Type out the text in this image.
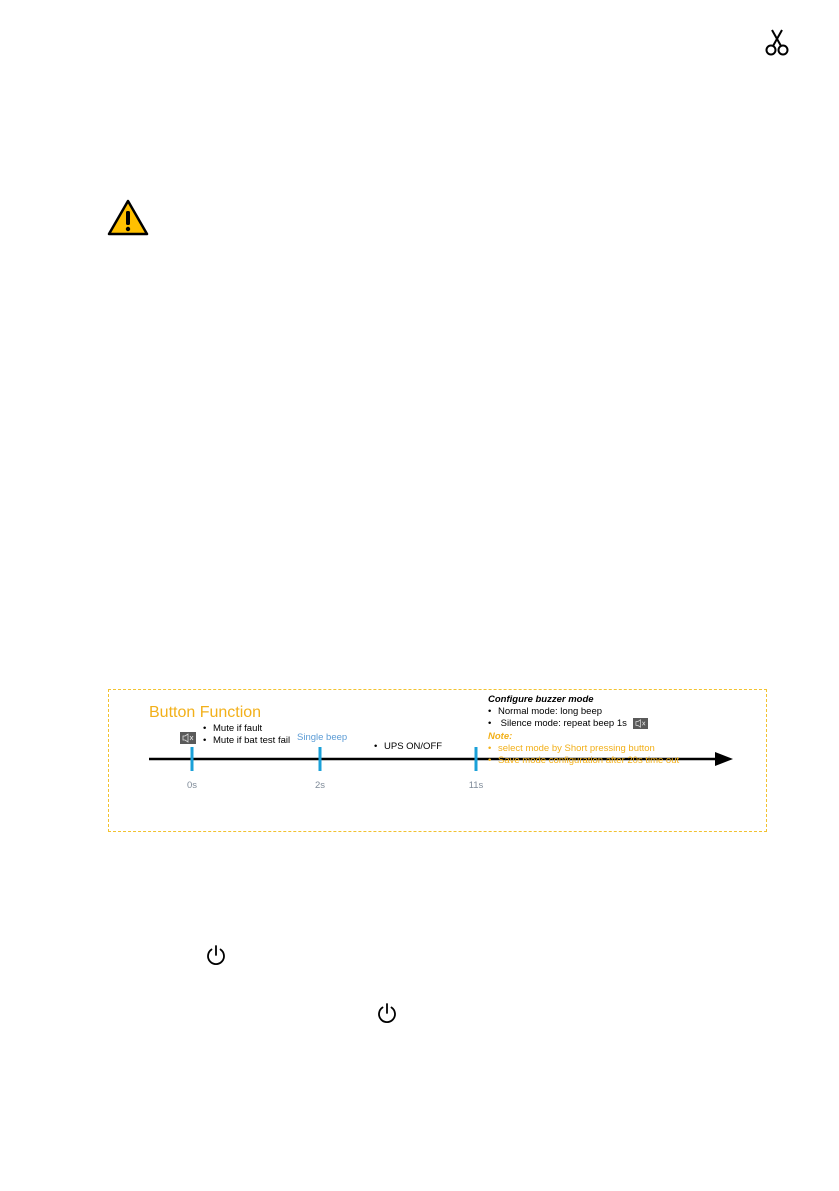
0s	2s	11s
Button Function
• Mute if fault
• Mute if bat test fail Single beep
• UPS ON/OFF
Configure buzzer mode
• Normal mode: long beep
• Silence mode: repeat beep 1s
Note:
• select mode by Short pressing button
• Save mode configuration after 20s time out
